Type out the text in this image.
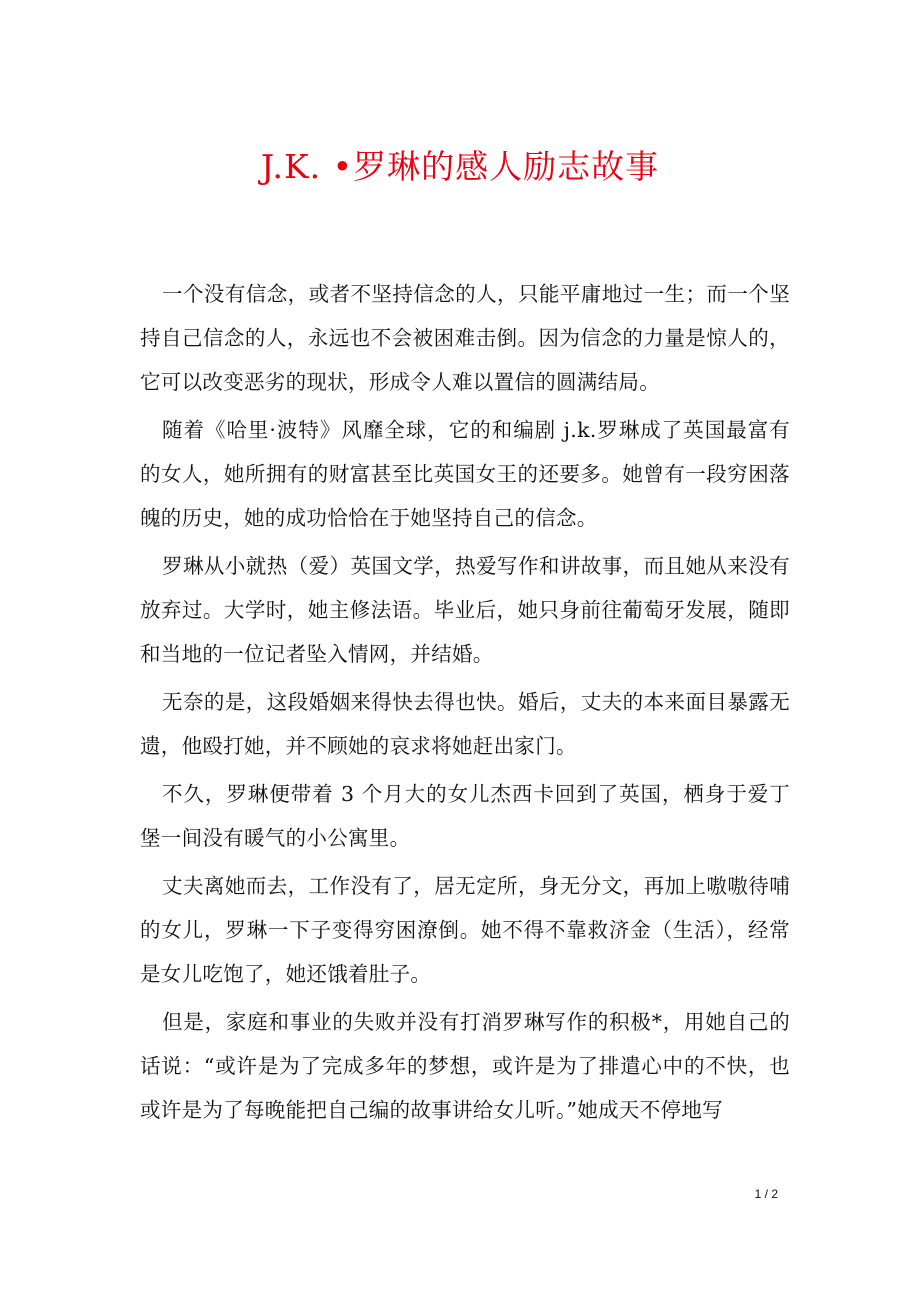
J.K. •罗琳的感人励志故事

一个没有信念，或者不坚持信念的人，只能平庸地过一生；而一个坚持自己信念的人，永远也不会被困难击倒。因为信念的力量是惊人的，它可以改变恶劣的现状，形成令人难以置信的圆满结局。

随着《哈里·波特》风靡全球，它的和编剧 j.k.罗琳成了英国最富有的女人，她所拥有的财富甚至比英国女王的还要多。她曾有一段穷困落魄的历史，她的成功恰恰在于她坚持自己的信念。

罗琳从小就热（爱）英国文学，热爱写作和讲故事，而且她从来没有放弃过。大学时，她主修法语。毕业后，她只身前往葡萄牙发展，随即和当地的一位记者坠入情网，并结婚。

无奈的是，这段婚姻来得快去得也快。婚后，丈夫的本来面目暴露无遗，他殴打她，并不顾她的哀求将她赶出家门。

不久，罗琳便带着 3 个月大的女儿杰西卡回到了英国，栖身于爱丁堡一间没有暖气的小公寓里。

丈夫离她而去，工作没有了，居无定所，身无分文，再加上嗷嗷待哺的女儿，罗琳一下子变得穷困潦倒。她不得不靠救济金（生活），经常是女儿吃饱了，她还饿着肚子。

但是，家庭和事业的失败并没有打消罗琳写作的积极*，用她自己的话说：“或许是为了完成多年的梦想，或许是为了排遣心中的不快，也或许是为了每晚能把自己编的故事讲给女儿听。”她成天不停地写

1 / 2
